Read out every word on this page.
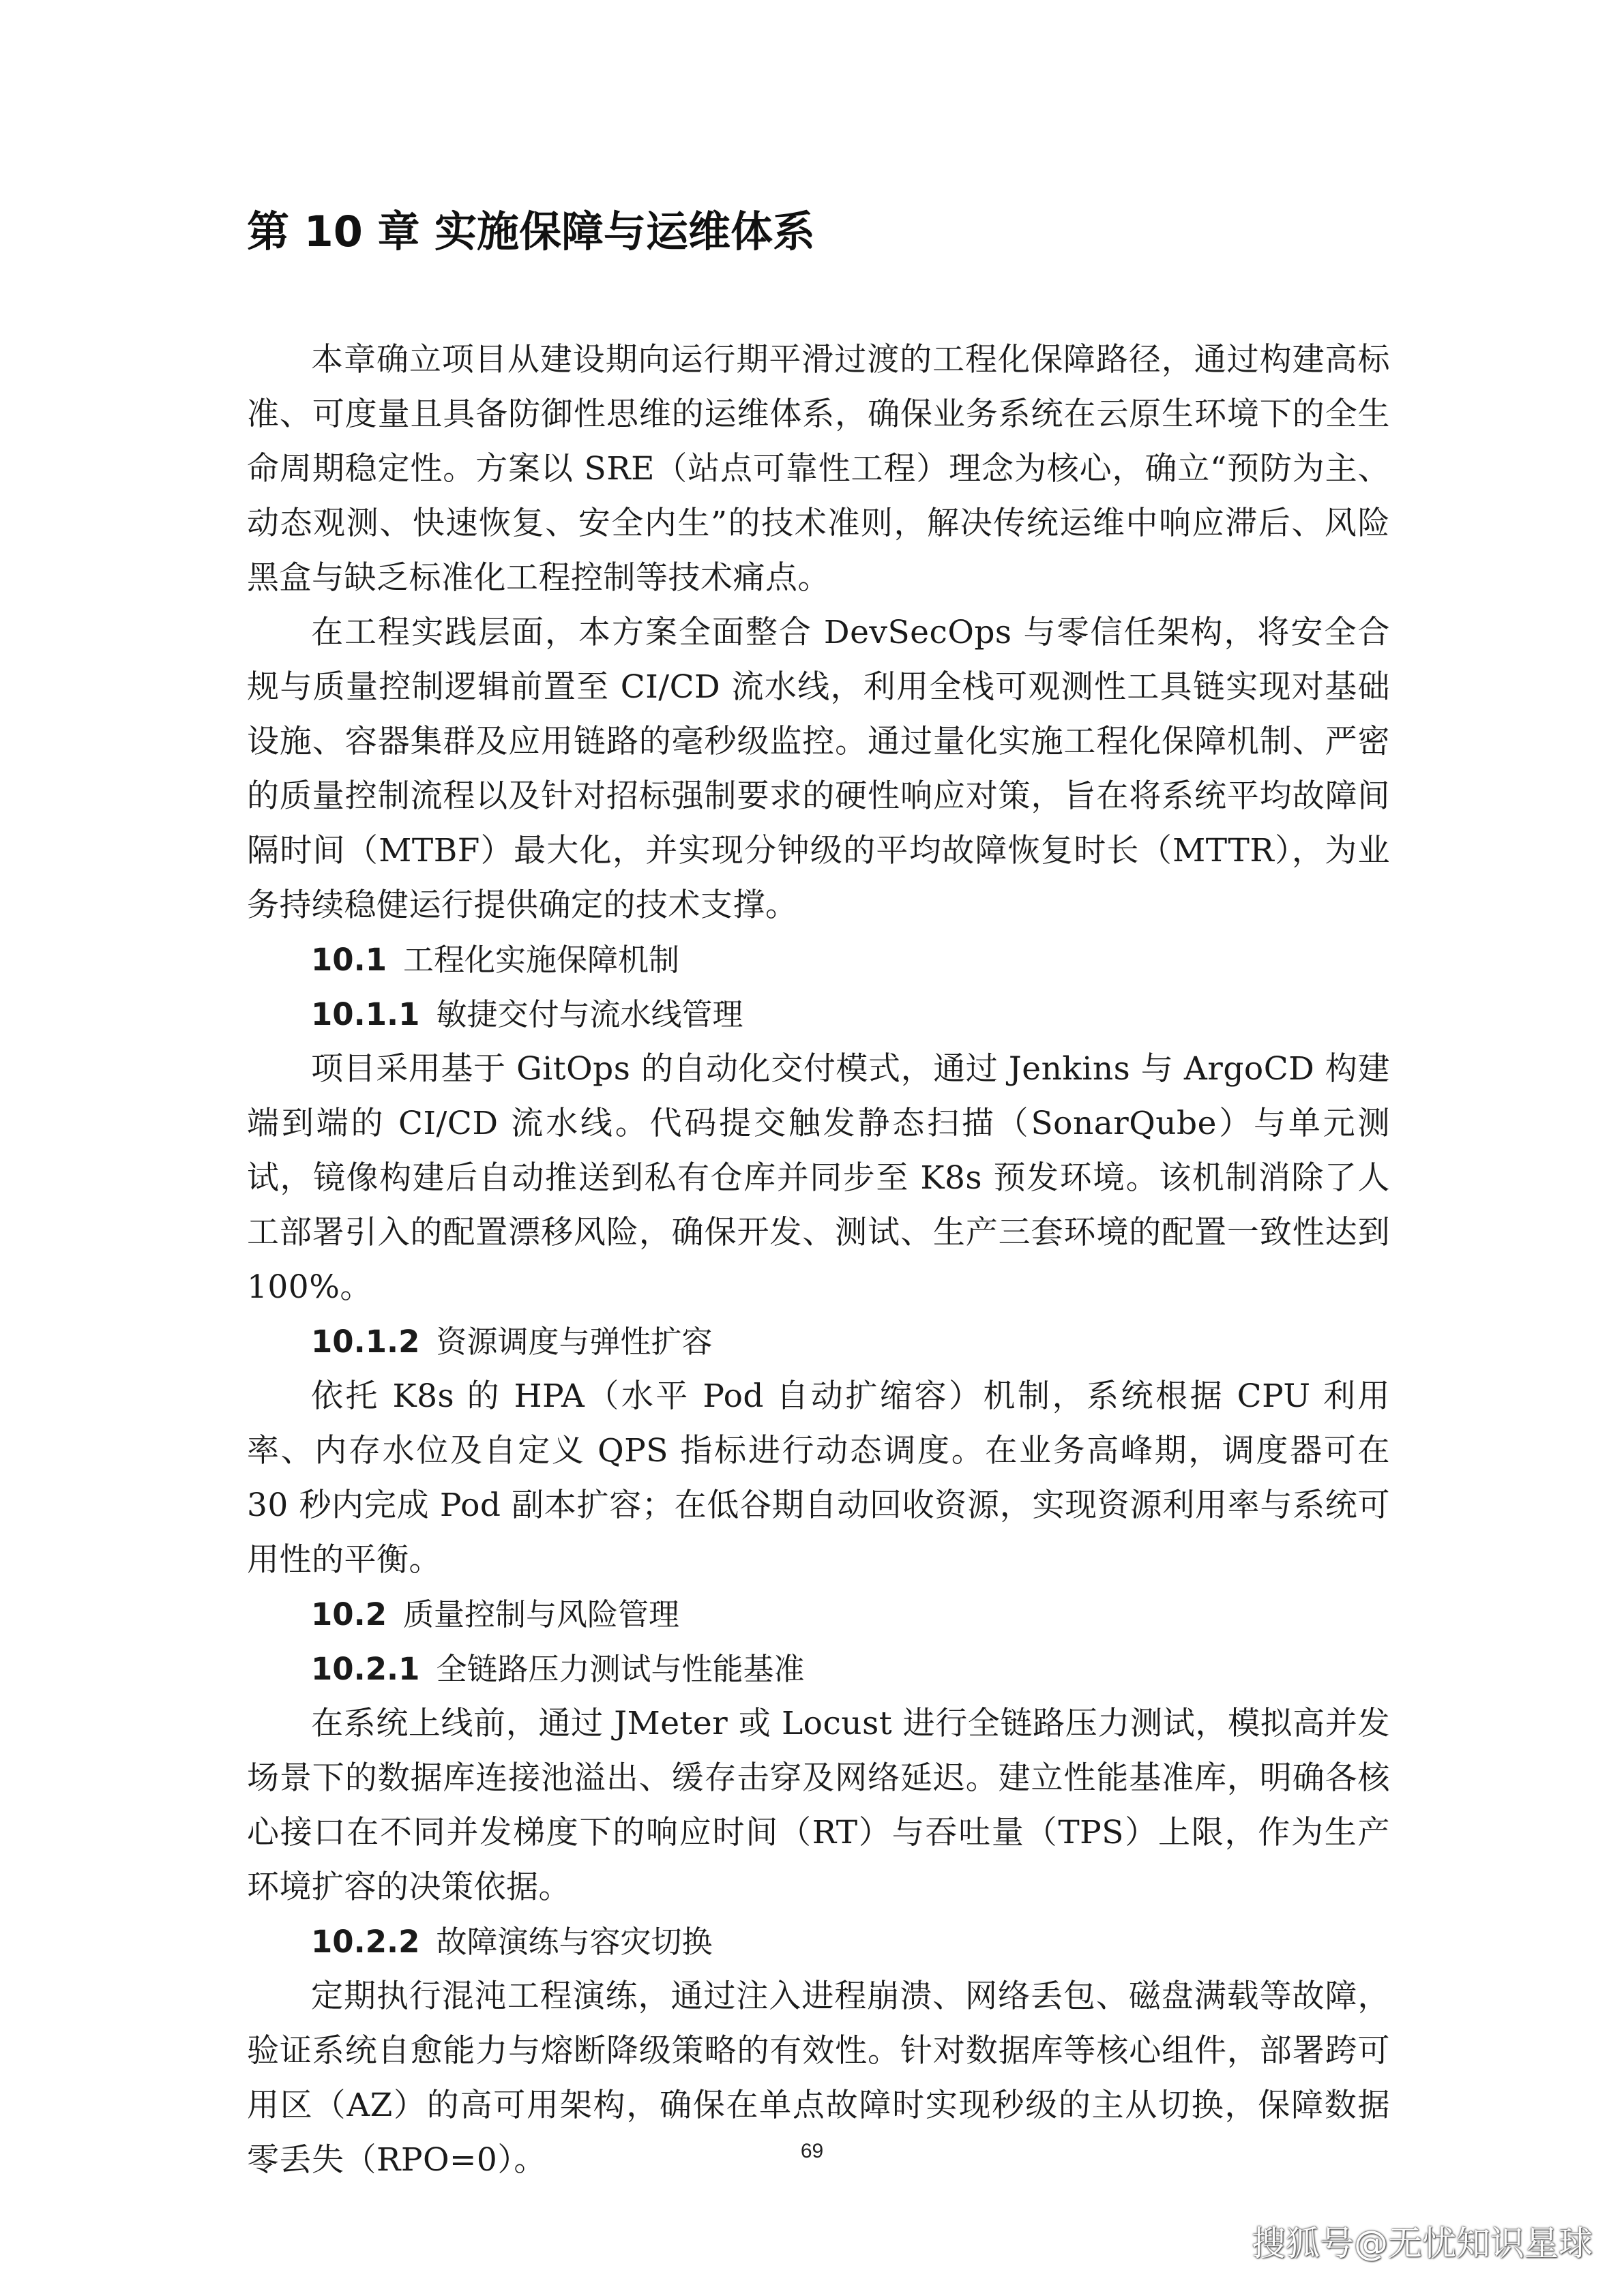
第 10 章 实施保障与运维体系

本章确立项目从建设期向运行期平滑过渡的工程化保障路径，通过构建高标准、可度量且具备防御性思维的运维体系，确保业务系统在云原生环境下的全生命周期稳定性。方案以 SRE（站点可靠性工程）理念为核心，确立“预防为主、动态观测、快速恢复、安全内生”的技术准则，解决传统运维中响应滞后、风险黑盒与缺乏标准化工程控制等技术痛点。

在工程实践层面，本方案全面整合 DevSecOps 与零信任架构，将安全合规与质量控制逻辑前置至 CI/CD 流水线，利用全栈可观测性工具链实现对基础设施、容器集群及应用链路的毫秒级监控。通过量化实施工程化保障机制、严密的质量控制流程以及针对招标强制要求的硬性响应对策，旨在将系统平均故障间隔时间（MTBF）最大化，并实现分钟级的平均故障恢复时长（MTTR），为业务持续稳健运行提供确定的技术支撑。

10.1 工程化实施保障机制
10.1.1 敏捷交付与流水线管理

项目采用基于 GitOps 的自动化交付模式，通过 Jenkins 与 ArgoCD 构建端到端的 CI/CD 流水线。代码提交触发静态扫描（SonarQube）与单元测试，镜像构建后自动推送到私有仓库并同步至 K8s 预发环境。该机制消除了人工部署引入的配置漂移风险，确保开发、测试、生产三套环境的配置一致性达到 100%。

10.1.2 资源调度与弹性扩容

依托 K8s 的 HPA（水平 Pod 自动扩缩容）机制，系统根据 CPU 利用率、内存水位及自定义 QPS 指标进行动态调度。在业务高峰期，调度器可在 30 秒内完成 Pod 副本扩容；在低谷期自动回收资源，实现资源利用率与系统可用性的平衡。

10.2 质量控制与风险管理
10.2.1 全链路压力测试与性能基准

在系统上线前，通过 JMeter 或 Locust 进行全链路压力测试，模拟高并发场景下的数据库连接池溢出、缓存击穿及网络延迟。建立性能基准库，明确各核心接口在不同并发梯度下的响应时间（RT）与吞吐量（TPS）上限，作为生产环境扩容的决策依据。

10.2.2 故障演练与容灾切换

定期执行混沌工程演练，通过注入进程崩溃、网络丢包、磁盘满载等故障，验证系统自愈能力与熔断降级策略的有效性。针对数据库等核心组件，部署跨可用区（AZ）的高可用架构，确保在单点故障时实现秒级的主从切换，保障数据零丢失（RPO=0）。	69
搜狐号@无忧知识星球
